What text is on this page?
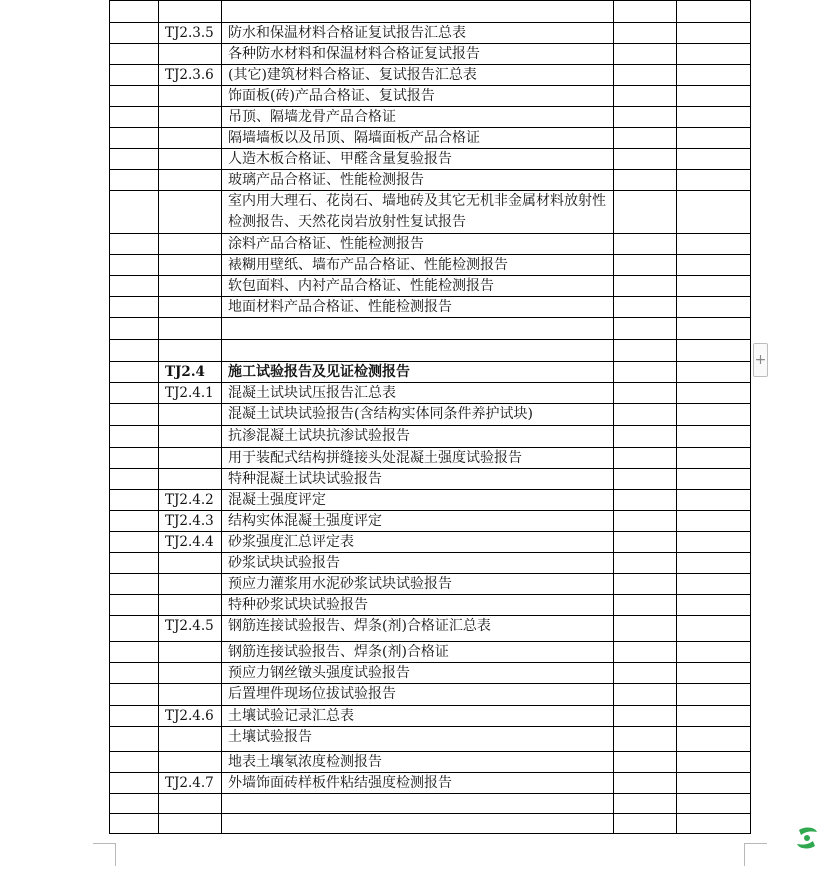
	TJ2.3.5	防水和保温材料合格证复试报告汇总表		
		各种防水材料和保温材料合格证复试报告		
	TJ2.3.6	(其它)建筑材料合格证、复试报告汇总表		
		饰面板(砖)产品合格证、复试报告		
		吊顶、隔墙龙骨产品合格证		
		隔墙墙板以及吊顶、隔墙面板产品合格证		
		人造木板合格证、甲醛含量复验报告		
		玻璃产品合格证、性能检测报告		
		室内用大理石、花岗石、墙地砖及其它无机非金属材料放射性检测报告、天然花岗岩放射性复试报告		
		涂料产品合格证、性能检测报告		
		裱糊用壁纸、墙布产品合格证、性能检测报告		
		软包面料、内衬产品合格证、性能检测报告		
		地面材料产品合格证、性能检测报告		

	TJ2.4	施工试验报告及见证检测报告		
	TJ2.4.1	混凝土试块试压报告汇总表		
		混凝土试块试验报告(含结构实体同条件养护试块)		
		抗渗混凝土试块抗渗试验报告		
		用于装配式结构拼缝接头处混凝土强度试验报告		
		特种混凝土试块试验报告		
	TJ2.4.2	混凝土强度评定		
	TJ2.4.3	结构实体混凝土强度评定		
	TJ2.4.4	砂浆强度汇总评定表		
		砂浆试块试验报告		
		预应力灌浆用水泥砂浆试块试验报告		
		特种砂浆试块试验报告		
	TJ2.4.5	钢筋连接试验报告、焊条(剂)合格证汇总表		
		钢筋连接试验报告、焊条(剂)合格证		
		预应力钢丝镦头强度试验报告		
		后置埋件现场位拔试验报告		
	TJ2.4.6	土壤试验记录汇总表		
		土壤试验报告		
		地表土壤氡浓度检测报告		
	TJ2.4.7	外墙饰面砖样板件粘结强度检测报告		

+
